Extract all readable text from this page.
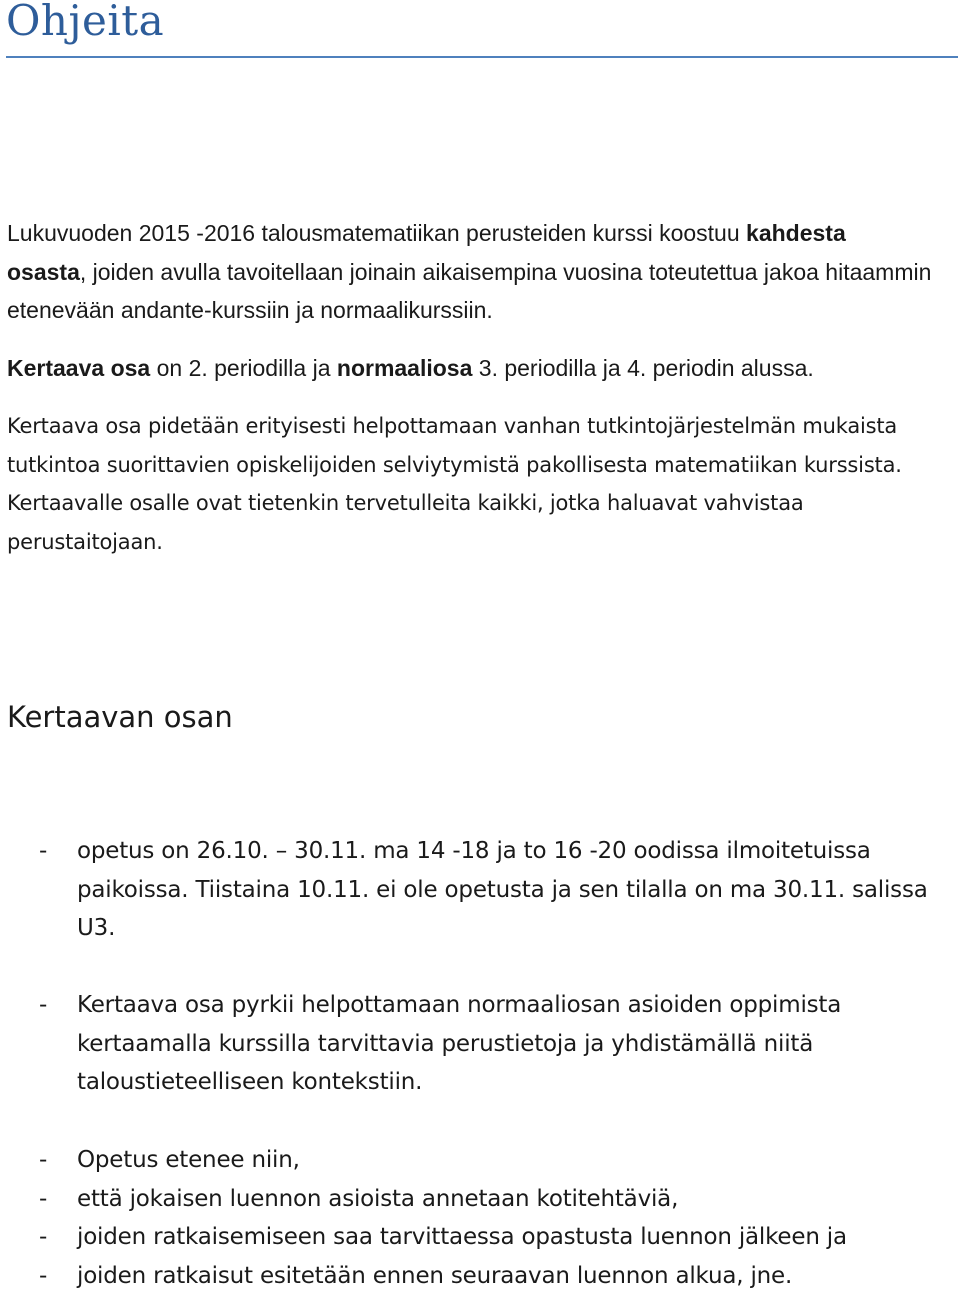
Ohjeita

Lukuvuoden 2015 -2016 talousmatematiikan perusteiden kurssi koostuu kahdesta
osasta, joiden avulla tavoitellaan joinain aikaisempina vuosina toteutettua jakoa hitaammin etenevään andante-kurssiin ja normaalikurssiin.

Kertaava osa on 2. periodilla ja normaaliosa 3. periodilla ja 4. periodin alussa.

Kertaava osa pidetään erityisesti helpottamaan vanhan tutkintojärjestelmän mukaista tutkintoa suorittavien opiskelijoiden selviytymistä pakollisesta matematiikan kurssista. Kertaavalle osalle ovat tietenkin tervetulleita kaikki, jotka haluavat vahvistaa perustaitojaan.

Kertaavan osan
-	opetus on 26.10. – 30.11. ma 14 -18 ja to 16 -20 oodissa ilmoitetuissa paikoissa. Tiistaina 10.11. ei ole opetusta ja sen tilalla on ma 30.11. salissa U3.
-	Kertaava osa pyrkii helpottamaan normaaliosan asioiden oppimista kertaamalla kurssilla tarvittavia perustietoja ja yhdistämällä niitä taloustieteelliseen kontekstiin.
-	Opetus etenee niin,
-	että jokaisen luennon asioista annetaan kotitehtäviä,
-	joiden ratkaisemiseen saa tarvittaessa opastusta luennon jälkeen ja
-	joiden ratkaisut esitetään ennen seuraavan luennon alkua, jne.
